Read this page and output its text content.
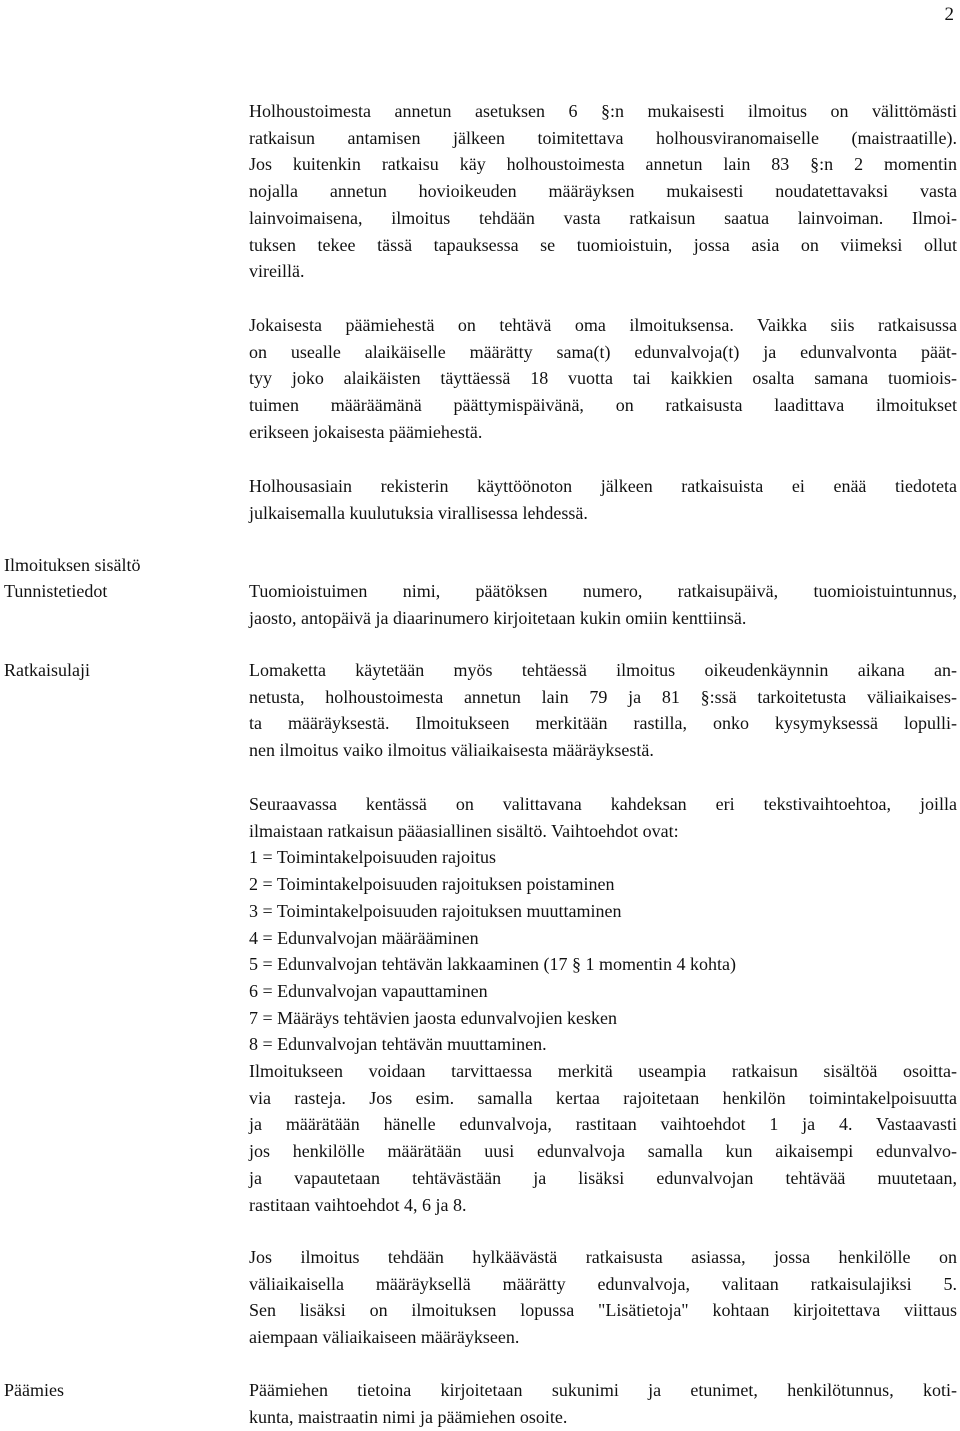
2

Ilmoituksen sisältö

Tunnistetiedot

Ratkaisulaji

Päämies

Holhoustoimesta annetun asetuksen 6 §:n mukaisesti ilmoitus on välittömästi
ratkaisun antamisen jälkeen toimitettava holhousviranomaiselle (maistraatille).
Jos kuitenkin ratkaisu käy holhoustoimesta annetun lain 83 §:n 2 momentin
nojalla annetun hovioikeuden määräyksen mukaisesti noudatettavaksi vasta
lainvoimaisena, ilmoitus tehdään vasta ratkaisun saatua lainvoiman. Ilmoi-
tuksen tekee tässä tapauksessa se tuomioistuin, jossa asia on viimeksi ollut
vireillä.
Jokaisesta päämiehestä on tehtävä oma ilmoituksensa. Vaikka siis ratkaisussa
on usealle alaikäiselle määrätty sama(t) edunvalvoja(t) ja edunvalvonta päät-
tyy joko alaikäisten täyttäessä 18 vuotta tai kaikkien osalta samana tuomiois-
tuimen määräämänä päättymispäivänä, on ratkaisusta laadittava ilmoitukset
erikseen jokaisesta päämiehestä.
Holhousasiain rekisterin käyttöönoton jälkeen ratkaisuista ei enää tiedoteta
julkaisemalla kuulutuksia virallisessa lehdessä.
Tuomioistuimen nimi, päätöksen numero, ratkaisupäivä, tuomioistuintunnus,
jaosto, antopäivä ja diaarinumero kirjoitetaan kukin omiin kenttiinsä.
Lomaketta käytetään myös tehtäessä ilmoitus oikeudenkäynnin aikana an-
netusta, holhoustoimesta annetun lain 79 ja 81 §:ssä tarkoitetusta väliaikaises-
ta määräyksestä. Ilmoitukseen merkitään rastilla, onko kysymyksessä lopulli-
nen ilmoitus vaiko ilmoitus väliaikaisesta määräyksestä.
Seuraavassa kentässä on valittavana kahdeksan eri tekstivaihtoehtoa, joilla
ilmaistaan ratkaisun pääasiallinen sisältö. Vaihtoehdot ovat:
1 = Toimintakelpoisuuden rajoitus
2 = Toimintakelpoisuuden rajoituksen poistaminen
3 = Toimintakelpoisuuden rajoituksen muuttaminen
4 = Edunvalvojan määrääminen
5 = Edunvalvojan tehtävän lakkaaminen (17 § 1 momentin 4 kohta)
6 = Edunvalvojan vapauttaminen
7 = Määräys tehtävien jaosta edunvalvojien kesken
8 = Edunvalvojan tehtävän muuttaminen.
Ilmoitukseen voidaan tarvittaessa merkitä useampia ratkaisun sisältöä osoitta-
via rasteja. Jos esim. samalla kertaa rajoitetaan henkilön toimintakelpoisuutta
ja määrätään hänelle edunvalvoja, rastitaan vaihtoehdot 1 ja 4. Vastaavasti
jos henkilölle määrätään uusi edunvalvoja samalla kun aikaisempi edunvalvo-
ja vapautetaan tehtävästään ja lisäksi edunvalvojan tehtävää muutetaan,
rastitaan vaihtoehdot 4, 6 ja 8.
Jos ilmoitus tehdään hylkäävästä ratkaisusta asiassa, jossa henkilölle on
väliaikaisella määräyksellä määrätty edunvalvoja, valitaan ratkaisulajiksi 5.
Sen lisäksi on ilmoituksen lopussa "Lisätietoja" kohtaan kirjoitettava viittaus
aiempaan väliaikaiseen määräykseen.
Päämiehen tietoina kirjoitetaan sukunimi ja etunimet, henkilötunnus, koti-
kunta, maistraatin nimi ja päämiehen osoite.
